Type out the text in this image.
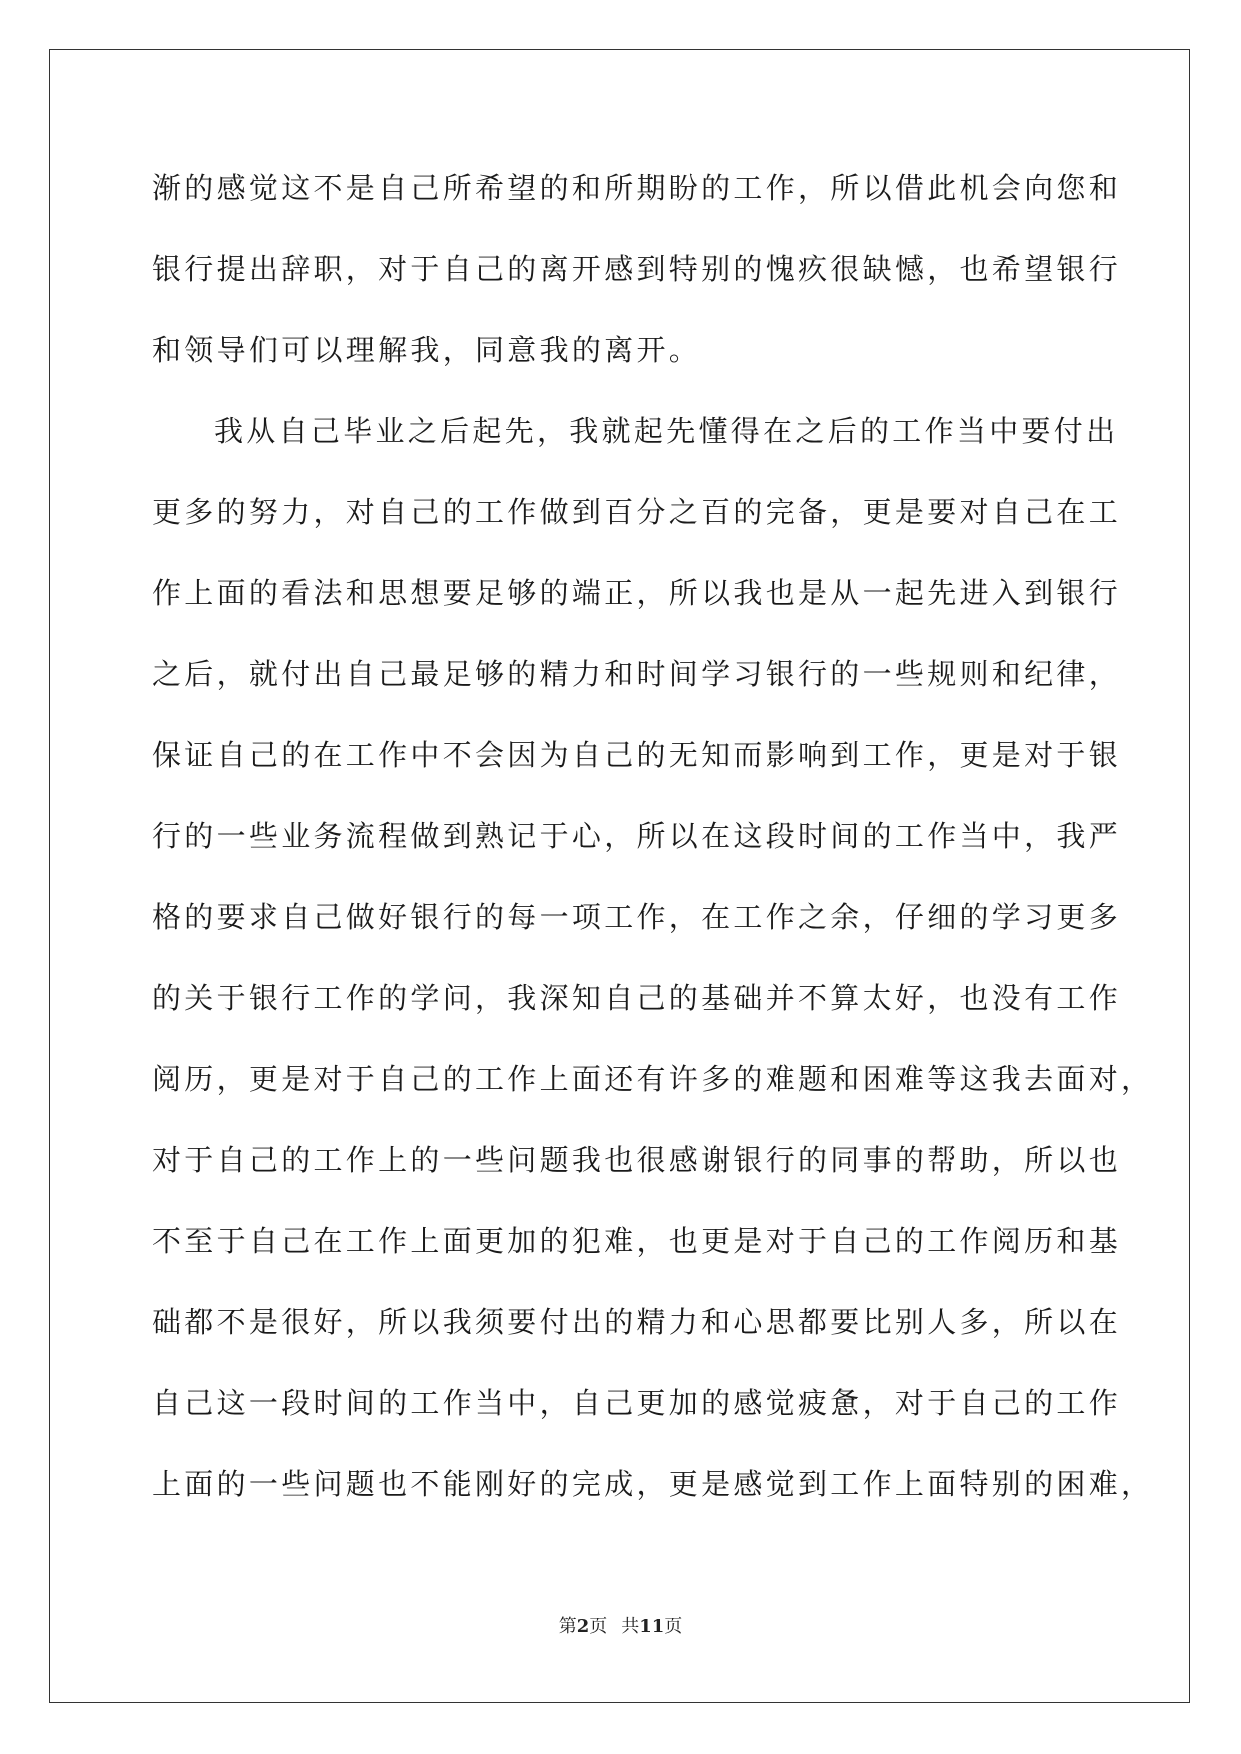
渐的感觉这不是自己所希望的和所期盼的工作，所以借此机会向您和
银行提出辞职，对于自己的离开感到特别的愧疚很缺憾，也希望银行
和领导们可以理解我，同意我的离开。
我从自己毕业之后起先，我就起先懂得在之后的工作当中要付出
更多的努力，对自己的工作做到百分之百的完备，更是要对自己在工
作上面的看法和思想要足够的端正，所以我也是从一起先进入到银行
之后，就付出自己最足够的精力和时间学习银行的一些规则和纪律，
保证自己的在工作中不会因为自己的无知而影响到工作，更是对于银
行的一些业务流程做到熟记于心，所以在这段时间的工作当中，我严
格的要求自己做好银行的每一项工作，在工作之余，仔细的学习更多
的关于银行工作的学问，我深知自己的基础并不算太好，也没有工作
阅历，更是对于自己的工作上面还有许多的难题和困难等这我去面对，
对于自己的工作上的一些问题我也很感谢银行的同事的帮助，所以也
不至于自己在工作上面更加的犯难，也更是对于自己的工作阅历和基
础都不是很好，所以我须要付出的精力和心思都要比别人多，所以在
自己这一段时间的工作当中，自己更加的感觉疲惫，对于自己的工作
上面的一些问题也不能刚好的完成，更是感觉到工作上面特别的困难，
第2页 共11页
